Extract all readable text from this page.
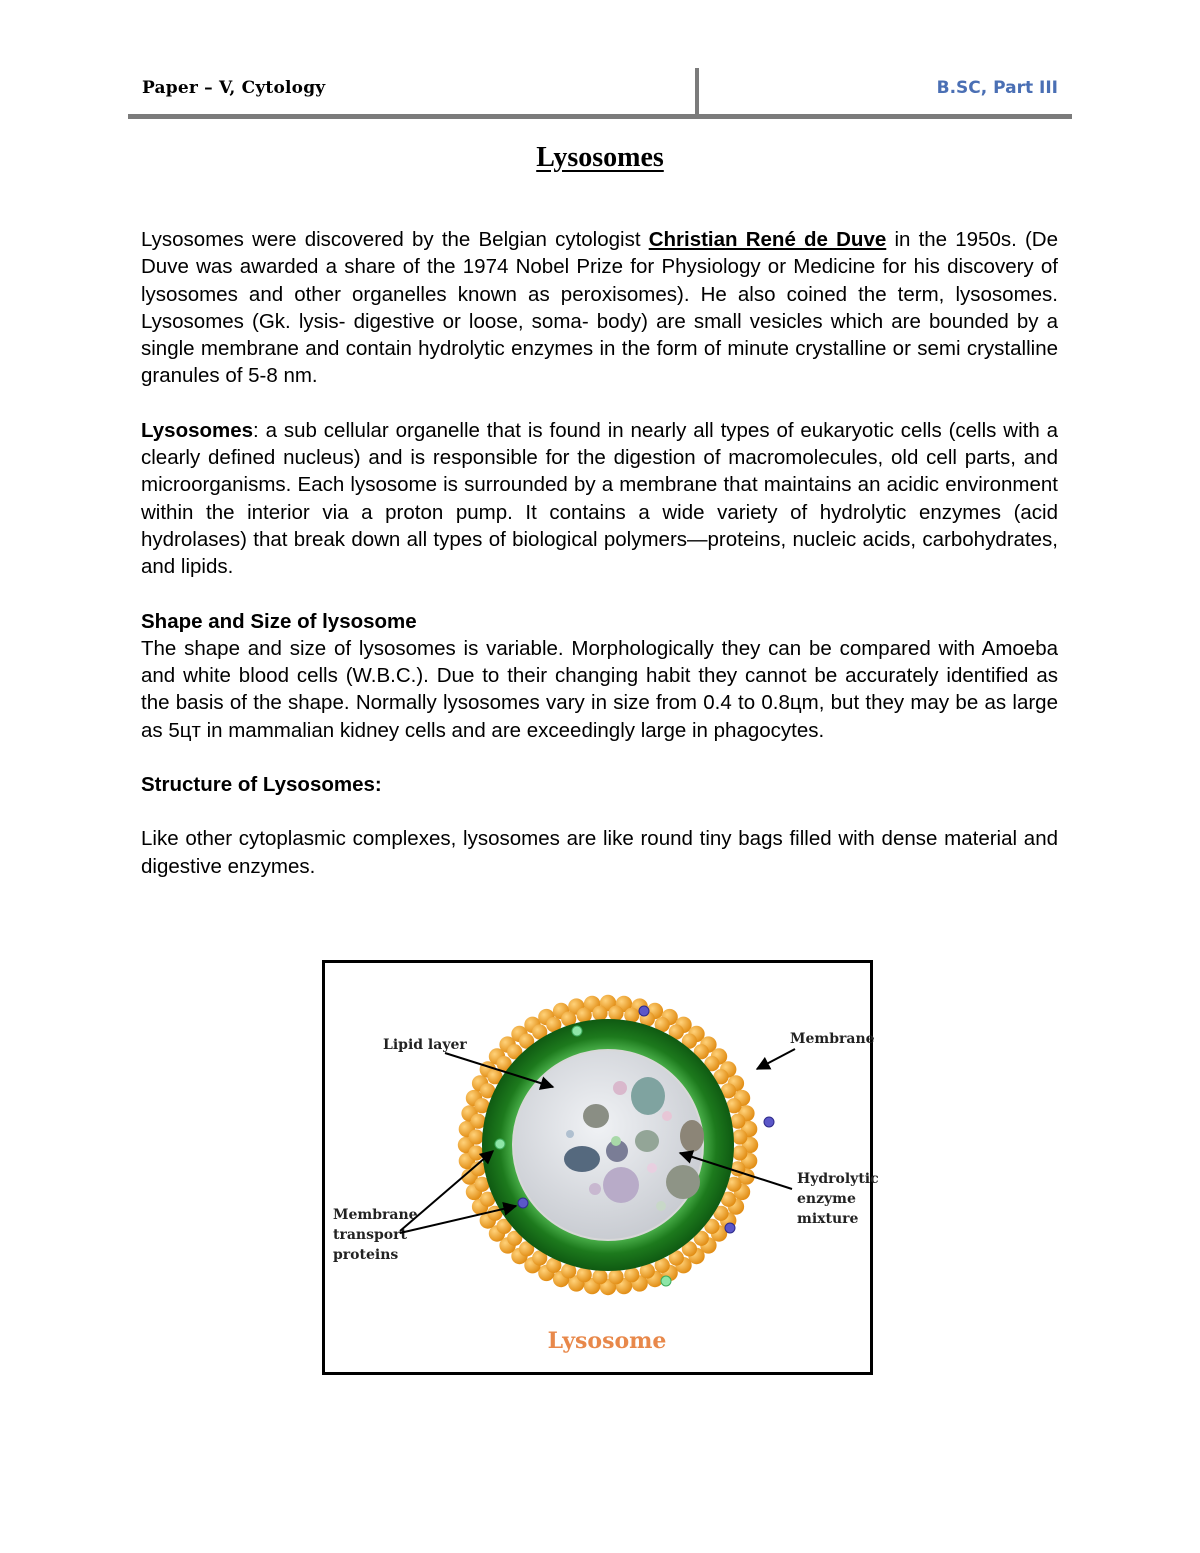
Paper – V, Cytology	B.SC, Part III
Lysosomes

Lysosomes were discovered by the Belgian cytologist Christian René de Duve in the 1950s. (De Duve was awarded a share of the 1974 Nobel Prize for Physiology or Medicine for his discovery of lysosomes and other organelles known as peroxisomes). He also coined the term, lysosomes. Lysosomes (Gk. lysis- digestive or loose, soma- body) are small vesicles which are bounded by a single membrane and contain hydrolytic enzymes in the form of minute crystalline or semi crystalline granules of 5-8 nm.

Lysosomes: a sub cellular organelle that is found in nearly all types of eukaryotic cells (cells with a clearly defined nucleus) and is responsible for the digestion of macromolecules, old cell parts, and microorganisms. Each lysosome is surrounded by a membrane that maintains an acidic environment within the interior via a proton pump. It contains a wide variety of hydrolytic enzymes (acid hydrolases) that break down all types of biological polymers—proteins, nucleic acids, carbohydrates, and lipids.

Shape and Size of lysosome

The shape and size of lysosomes is variable. Morphologically they can be compared with Amoeba and white blood cells (W.B.C.). Due to their changing habit they cannot be accurately identified as the basis of the shape. Normally lysosomes vary in size from 0.4 to 0.8цm, but they may be as large as 5цт in mammalian kidney cells and are exceedingly large in phagocytes.

Structure of Lysosomes:

Like other cytoplasmic complexes, lysosomes are like round tiny bags filled with dense material and digestive enzymes.

Lipid layer	Membrane
Hydrolytic
enzyme
mixture
Membrane
transport
proteins
Lysosome
